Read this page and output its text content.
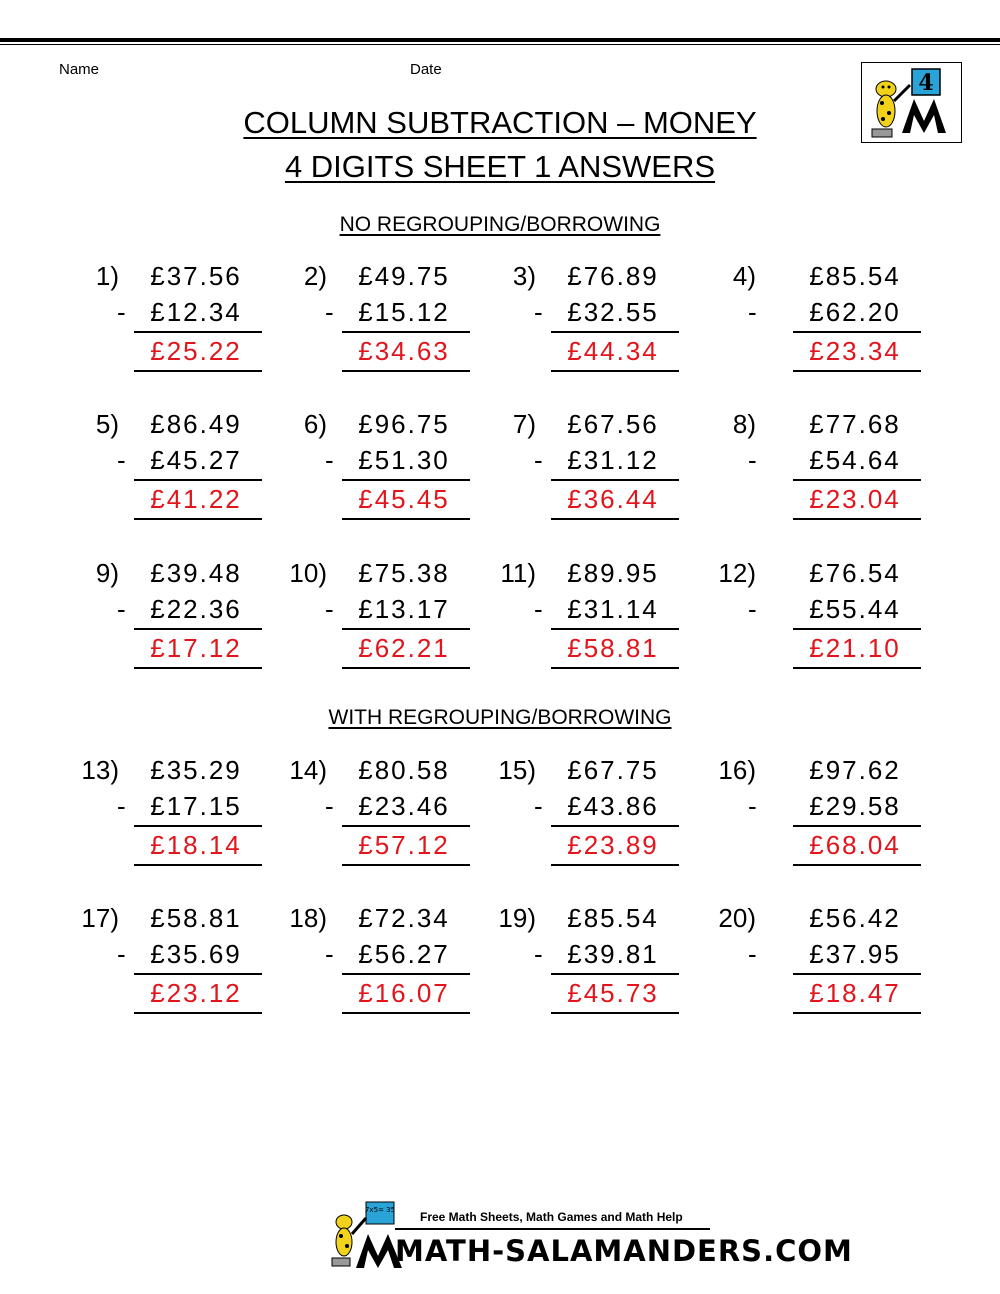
Name	Date
4
COLUMN SUBTRACTION – MONEY
4 DIGITS SHEET 1 ANSWERS
NO REGROUPING/BORROWING
WITH REGROUPING/BORROWING
1)	£37.56
- £12.34
£25.22
2)	£49.75
- £15.12
£34.63
3)	£76.89
- £32.55
£44.34
4)	£85.54
-	£62.20
£23.34
5)	£86.49
- £45.27
£41.22
6)	£96.75
- £51.30
£45.45
7)	£67.56
- £31.12
£36.44
8)	£77.68
-	£54.64
£23.04
9)	£39.48
- £22.36
£17.12
10)	£75.38
- £13.17
£62.21
11)	£89.95
- £31.14
£58.81
12)	£76.54
-	£55.44
£21.10
13)	£35.29
- £17.15
£18.14
14)	£80.58
- £23.46
£57.12
15)	£67.75
- £43.86
£23.89
16)	£97.62
-	£29.58
£68.04
17)	£58.81
- £35.69
£23.12
18)	£72.34
- £56.27
£16.07
19)	£85.54
- £39.81
£45.73
20)	£56.42
-	£37.95
£18.47
7x5= 35 Free Math Sheets, Math Games and Math Help
MATH-SALAMANDERS.COM
